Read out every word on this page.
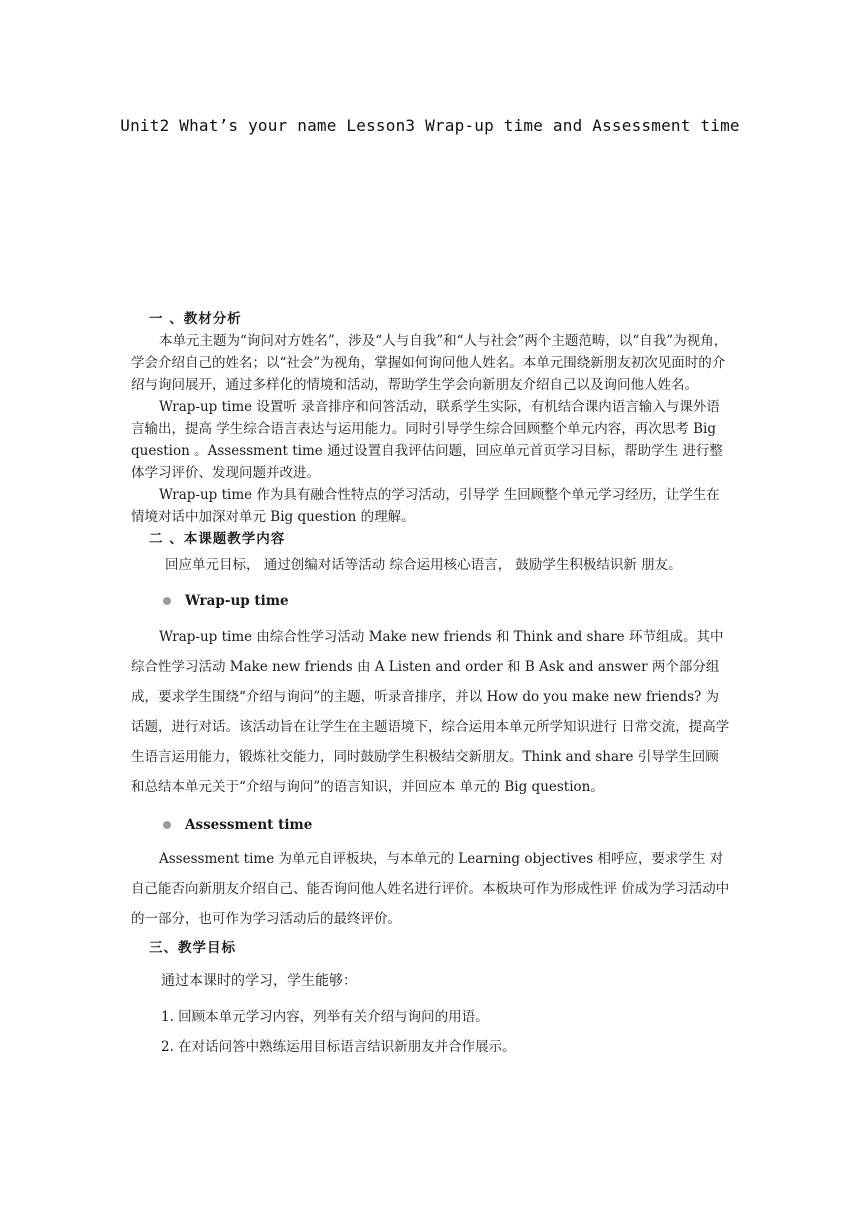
Unit2 What’s your name Lesson3 Wrap-up time and Assessment time
一 、教材分析

本单元主题为“询问对方姓名”，涉及“人与自我”和“人与社会”两个主题范畴，以“自我”为视角，学会介绍自己的姓名；以“社会”为视角，掌握如何询问他人姓名。本单元围绕新朋友初次见面时的介绍与询问展开，通过多样化的情境和活动，帮助学生学会向新朋友介绍自己以及询问他人姓名。

Wrap-up time 设置听 录音排序和问答活动，联系学生实际，有机结合课内语言输入与课外语言输出，提高 学生综合语言表达与运用能力。同时引导学生综合回顾整个单元内容，再次思考 Big question 。Assessment time 通过设置自我评估问题，回应单元首页学习目标，帮助学生 进行整体学习评价、发现问题并改进。

Wrap-up time 作为具有融合性特点的学习活动，引导学 生回顾整个单元学习经历，让学生在情境对话中加深对单元 Big question 的理解。

二 、本课题教学内容

回应单元目标， 通过创编对话等活动 综合运用核心语言， 鼓励学生积极结识新 朋友。

Wrap-up time

Wrap-up time 由综合性学习活动 Make new friends 和 Think and share 环节组成。其中 综合性学习活动 Make new friends 由 A Listen and order 和 B Ask and answer 两个部分组成，要求学生围绕“介绍与询问”的主题，听录音排序，并以 How do you make new friends? 为话题，进行对话。该活动旨在让学生在主题语境下，综合运用本单元所学知识进行 日常交流，提高学生语言运用能力，锻炼社交能力，同时鼓励学生积极结交新朋友。Think and share 引导学生回顾和总结本单元关于“介绍与询问”的语言知识，并回应本 单元的 Big question。

Assessment time

Assessment time 为单元自评板块，与本单元的 Learning objectives 相呼应，要求学生 对自己能否向新朋友介绍自己、能否询问他人姓名进行评价。本板块可作为形成性评 价成为学习活动中的一部分，也可作为学习活动后的最终评价。

三、教学目标
通过本课时的学习，学生能够：
1. 回顾本单元学习内容，列举有关介绍与询问的用语。
2. 在对话问答中熟练运用目标语言结识新朋友并合作展示。
